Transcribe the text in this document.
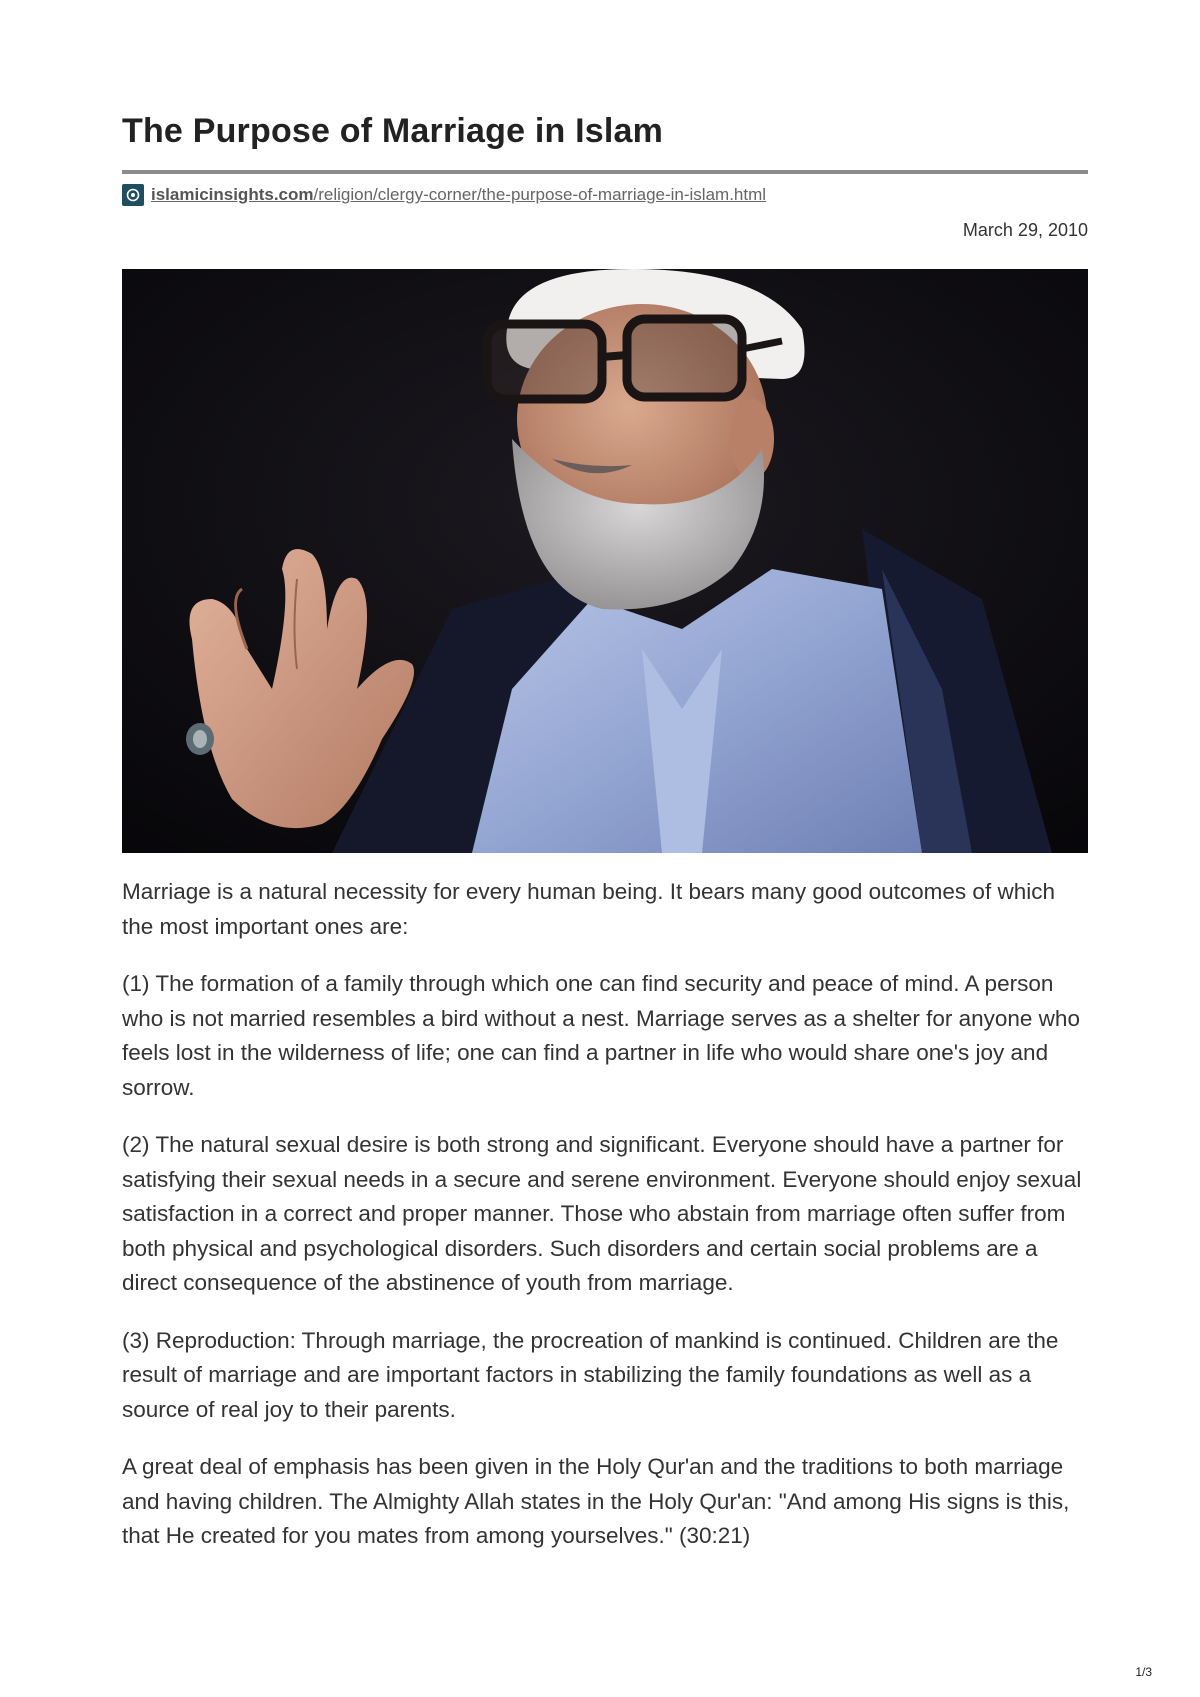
The Purpose of Marriage in Islam
islamicinsights.com/religion/clergy-corner/the-purpose-of-marriage-in-islam.html
March 29, 2010

Marriage is a natural necessity for every human being. It bears many good outcomes of which the most important ones are:

(1) The formation of a family through which one can find security and peace of mind. A person who is not married resembles a bird without a nest. Marriage serves as a shelter for anyone who feels lost in the wilderness of life; one can find a partner in life who would share one's joy and sorrow.

(2) The natural sexual desire is both strong and significant. Everyone should have a partner for satisfying their sexual needs in a secure and serene environment. Everyone should enjoy sexual satisfaction in a correct and proper manner. Those who abstain from marriage often suffer from both physical and psychological disorders. Such disorders and certain social problems are a direct consequence of the abstinence of youth from marriage.

(3) Reproduction: Through marriage, the procreation of mankind is continued. Children are the result of marriage and are important factors in stabilizing the family foundations as well as a source of real joy to their parents.

A great deal of emphasis has been given in the Holy Qur'an and the traditions to both marriage and having children. The Almighty Allah states in the Holy Qur'an: "And among His signs is this, that He created for you mates from among yourselves." (30:21)

1/3
